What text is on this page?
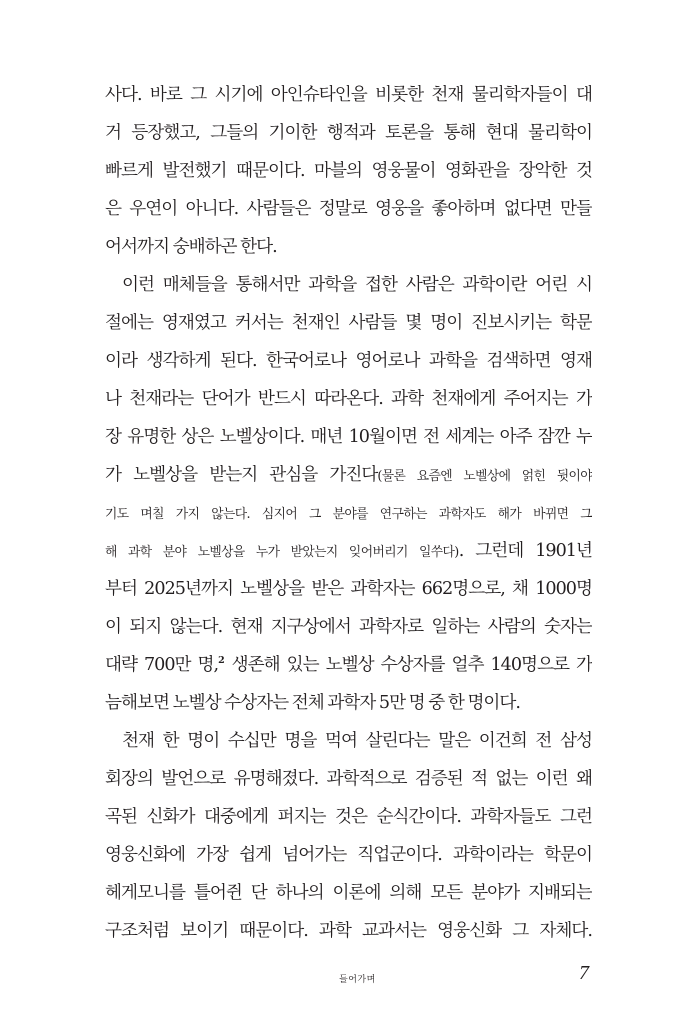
사다. 바로 그 시기에 아인슈타인을 비롯한 천재 물리학자들이 대
거 등장했고, 그들의 기이한 행적과 토론을 통해 현대 물리학이
빠르게 발전했기 때문이다. 마블의 영웅물이 영화관을 장악한 것
은 우연이 아니다. 사람들은 정말로 영웅을 좋아하며 없다면 만들
어서까지 숭배하곤 한다.
이런 매체들을 통해서만 과학을 접한 사람은 과학이란 어린 시
절에는 영재였고 커서는 천재인 사람들 몇 명이 진보시키는 학문
이라 생각하게 된다. 한국어로나 영어로나 과학을 검색하면 영재
나 천재라는 단어가 반드시 따라온다. 과학 천재에게 주어지는 가
장 유명한 상은 노벨상이다. 매년 10월이면 전 세계는 아주 잠깐 누
가 노벨상을 받는지 관심을 가진다(물론 요즘엔 노벨상에 얽힌 뒷이야
기도 며칠 가지 않는다. 심지어 그 분야를 연구하는 과학자도 해가 바뀌면 그
해 과학 분야 노벨상을 누가 받았는지 잊어버리기 일쑤다). 그런데 1901년
부터 2025년까지 노벨상을 받은 과학자는 662명으로, 채 1000명
이 되지 않는다. 현재 지구상에서 과학자로 일하는 사람의 숫자는
대략 700만 명,$^2$ 생존해 있는 노벨상 수상자를 얼추 140명으로 가
늠해보면 노벨상 수상자는 전체 과학자 5만 명 중 한 명이다.
천재 한 명이 수십만 명을 먹여 살린다는 말은 이건희 전 삼성
회장의 발언으로 유명해졌다. 과학적으로 검증된 적 없는 이런 왜
곡된 신화가 대중에게 퍼지는 것은 순식간이다. 과학자들도 그런
영웅신화에 가장 쉽게 넘어가는 직업군이다. 과학이라는 학문이
헤게모니를 틀어쥔 단 하나의 이론에 의해 모든 분야가 지배되는
구조처럼 보이기 때문이다. 과학 교과서는 영웅신화 그 자체다.
들어가며	7
